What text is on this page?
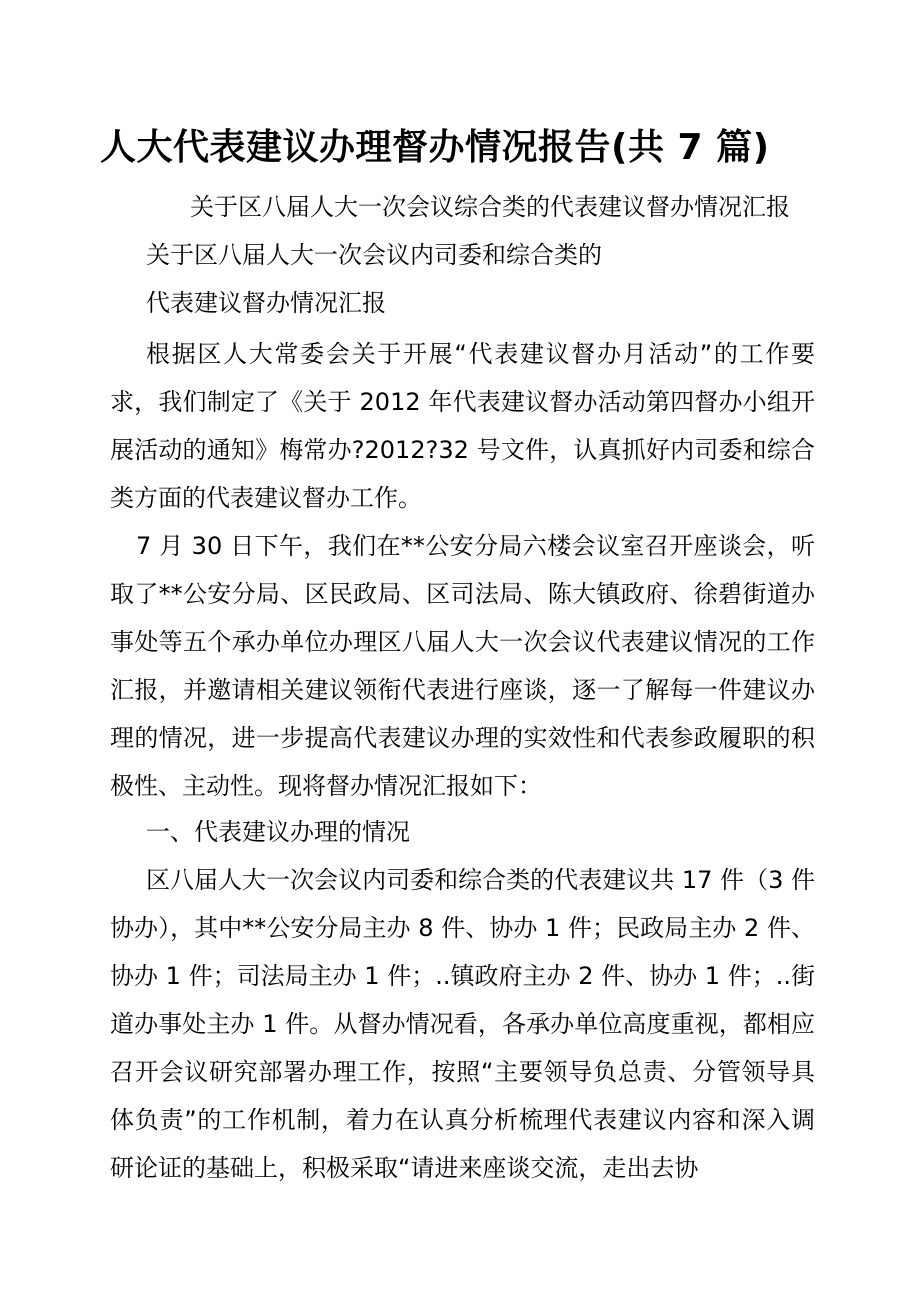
人大代表建议办理督办情况报告(共 7 篇)
关于区八届人大一次会议综合类的代表建议督办情况汇报
关于区八届人大一次会议内司委和综合类的
代表建议督办情况汇报
根据区人大常委会关于开展“代表建议督办月活动”的工作要求，我们制定了《关于 2012 年代表建议督办活动第四督办小组开展活动的通知》梅常办?2012?32 号文件，认真抓好内司委和综合类方面的代表建议督办工作。
7 月 30 日下午，我们在**公安分局六楼会议室召开座谈会，听取了**公安分局、区民政局、区司法局、陈大镇政府、徐碧街道办事处等五个承办单位办理区八届人大一次会议代表建议情况的工作汇报，并邀请相关建议领衔代表进行座谈，逐一了解每一件建议办理的情况，进一步提高代表建议办理的实效性和代表参政履职的积极性、主动性。现将督办情况汇报如下：
一、代表建议办理的情况
区八届人大一次会议内司委和综合类的代表建议共 17 件（3 件协办），其中**公安分局主办 8 件、协办 1 件；民政局主办 2 件、协办 1 件；司法局主办 1 件；..镇政府主办 2 件、协办 1 件；..街道办事处主办 1 件。从督办情况看，各承办单位高度重视，都相应召开会议研究部署办理工作，按照“主要领导负总责、分管领导具体负责”的工作机制，着力在认真分析梳理代表建议内容和深入调研论证的基础上，积极采取“请进来座谈交流，走出去协
